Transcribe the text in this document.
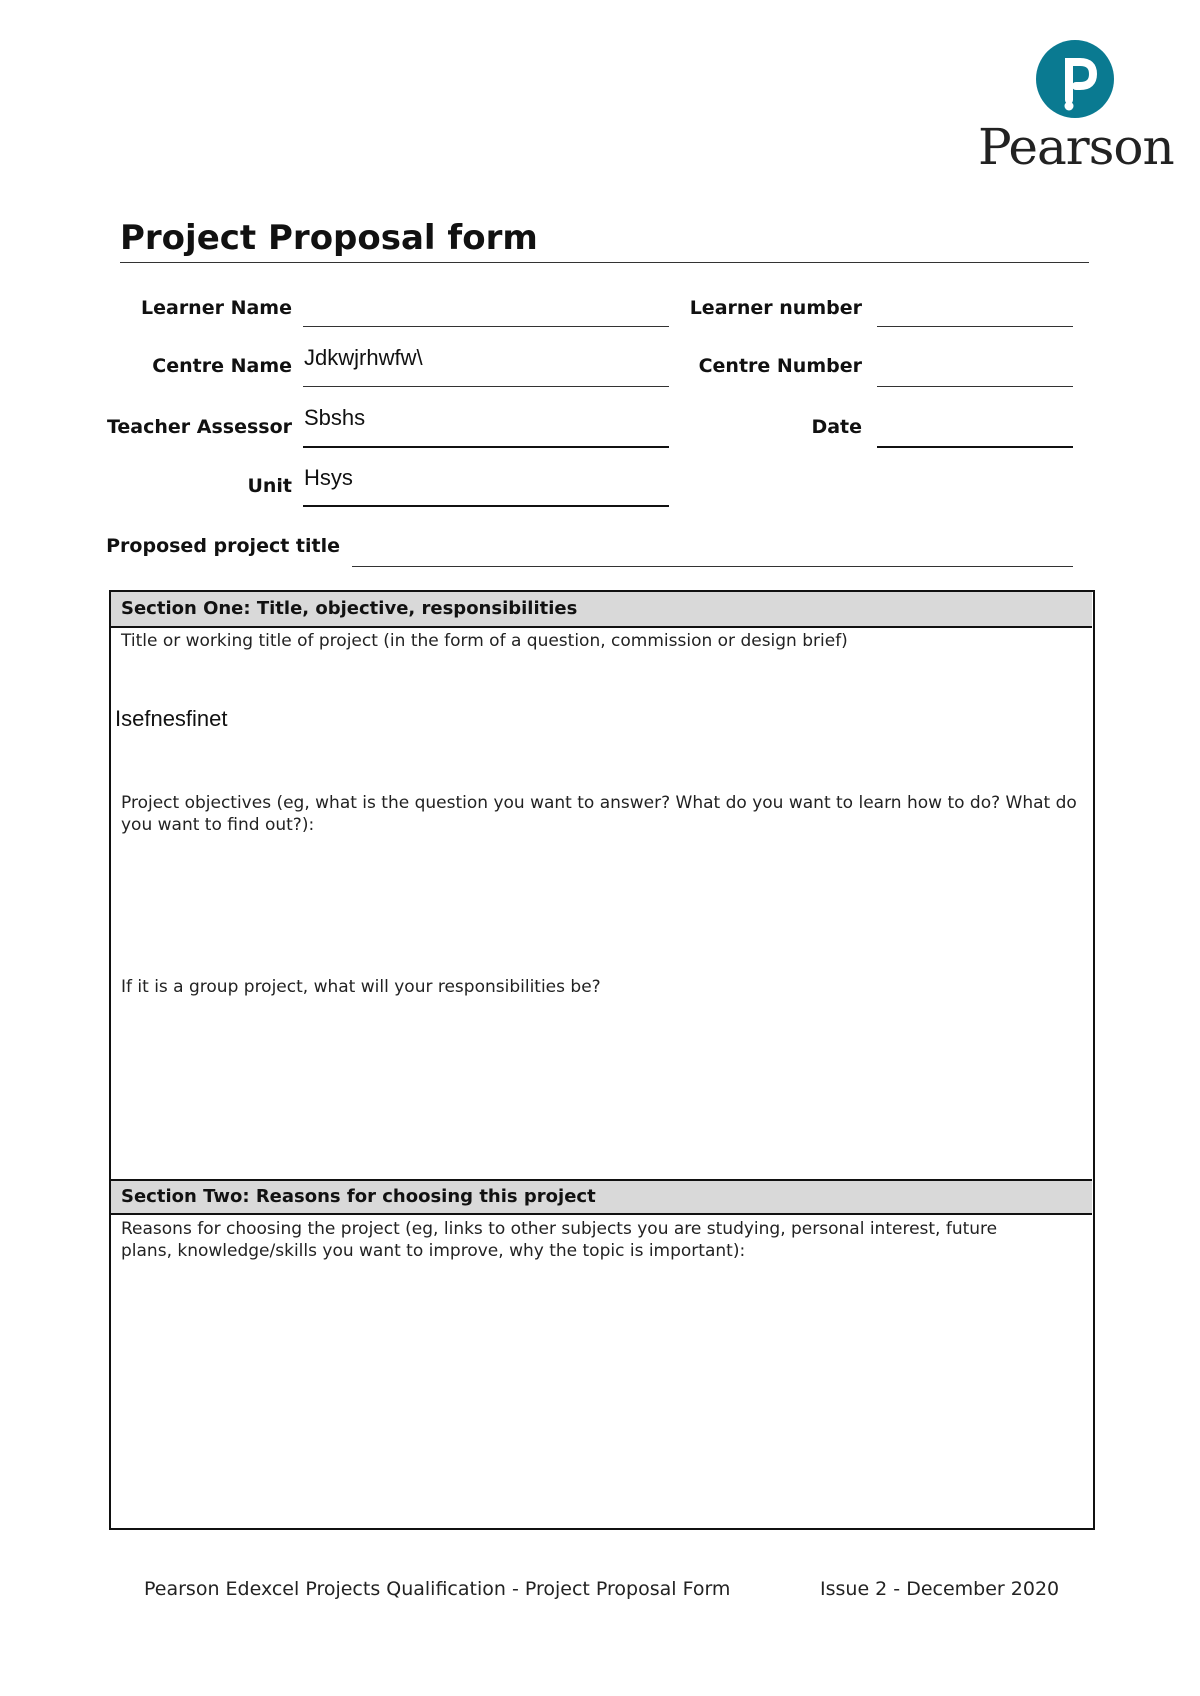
Pearson
Project Proposal form
Learner Name	Learner number
Centre Name Jdkwjrhwfw\	Centre Number
Teacher Assessor Sbshs	Date
Unit Hsys
Proposed project title
Section One: Title, objective, responsibilities
Title or working title of project (in the form of a question, commission or design brief)
Isefnesfinet
Project objectives (eg, what is the question you want to answer? What do you want to learn how to do? What do you want to find out?):
If it is a group project, what will your responsibilities be?
Section Two: Reasons for choosing this project
Reasons for choosing the project (eg, links to other subjects you are studying, personal interest, future plans, knowledge/skills you want to improve, why the topic is important):
Pearson Edexcel Projects Qualification - Project Proposal Form	Issue 2 - December 2020
